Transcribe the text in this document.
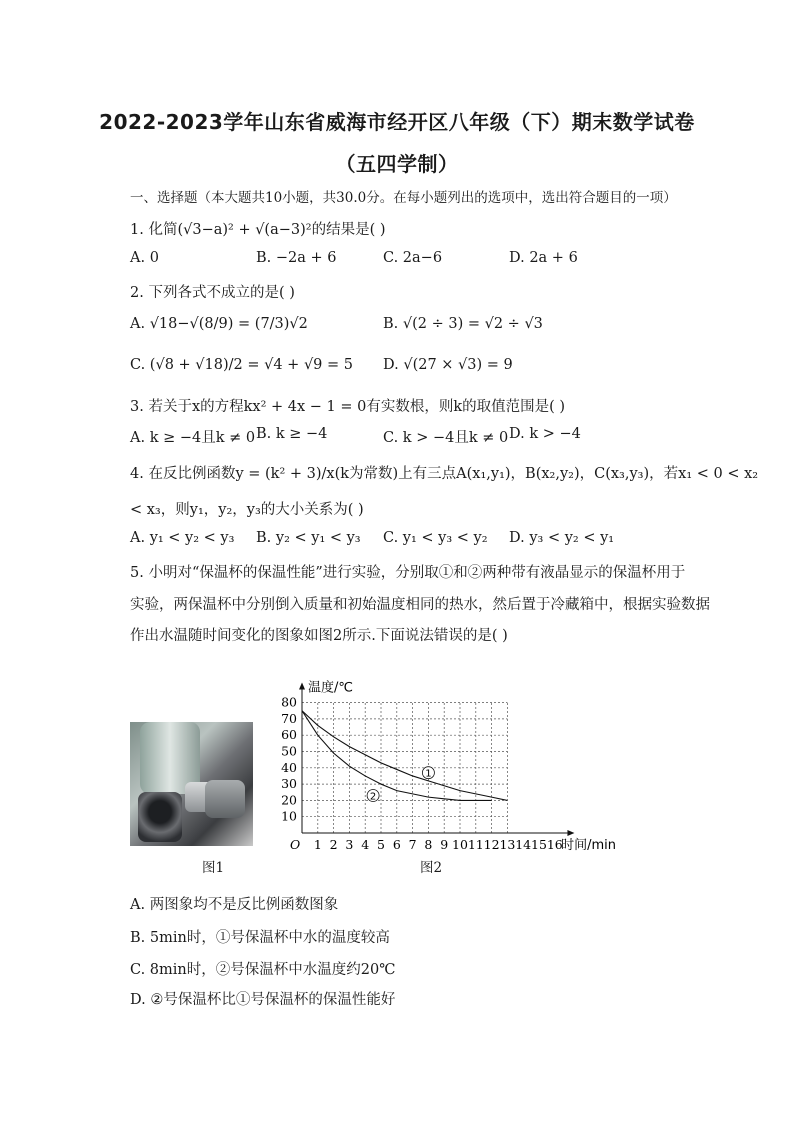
2022-2023学年山东省威海市经开区八年级（下）期末数学试卷
（五四学制）
一、选择题（本大题共10小题，共30.0分。在每小题列出的选项中，选出符合题目的一项）
1. 化简(√3−a)² + √(a−3)²的结果是( )
A. 0	B. −2a + 6	C. 2a−6	D. 2a + 6
2. 下列各式不成立的是( )
A. √18−√(8/9) = (7/3)√2	B. √(2 ÷ 3) = √2 ÷ √3
C. (√8 + √18)/2 = √4 + √9 = 5 D. √(27 × √3) = 9
3. 若关于x的方程kx² + 4x − 1 = 0有实数根，则k的取值范围是( )
A. k ≥ −4且k ≠ 0 B. k ≥ −4	C. k > −4且k ≠ 0 D. k > −4
4. 在反比例函数y = (k² + 3)/x(k为常数)上有三点A(x₁,y₁)，B(x₂,y₂)，C(x₃,y₃)，若x₁ < 0 < x₂
< x₃，则y₁，y₂，y₃的大小关系为( )
A. y₁ < y₂ < y₃ B. y₂ < y₁ < y₃ C. y₁ < y₃ < y₂ D. y₃ < y₂ < y₁
5. 小明对“保温杯的保温性能”进行实验，分别取①和②两种带有液晶显示的保温杯用于
实验，两保温杯中分别倒入质量和初始温度相同的热水，然后置于冷藏箱中，根据实验数据
作出水温随时间变化的图象如图2所示.下面说法错误的是( )
图1
1 2 3 4 5 6 7 8 9 10 11 12 13 14 15 16
10
20
30
40
50
60
70
80
O
温度/℃
时间/min
1
2
图2
A. 两图象均不是反比例函数图象
B. 5min时，①号保温杯中水的温度较高
C. 8min时，②号保温杯中水温度约20℃
D. ②号保温杯比①号保温杯的保温性能好
